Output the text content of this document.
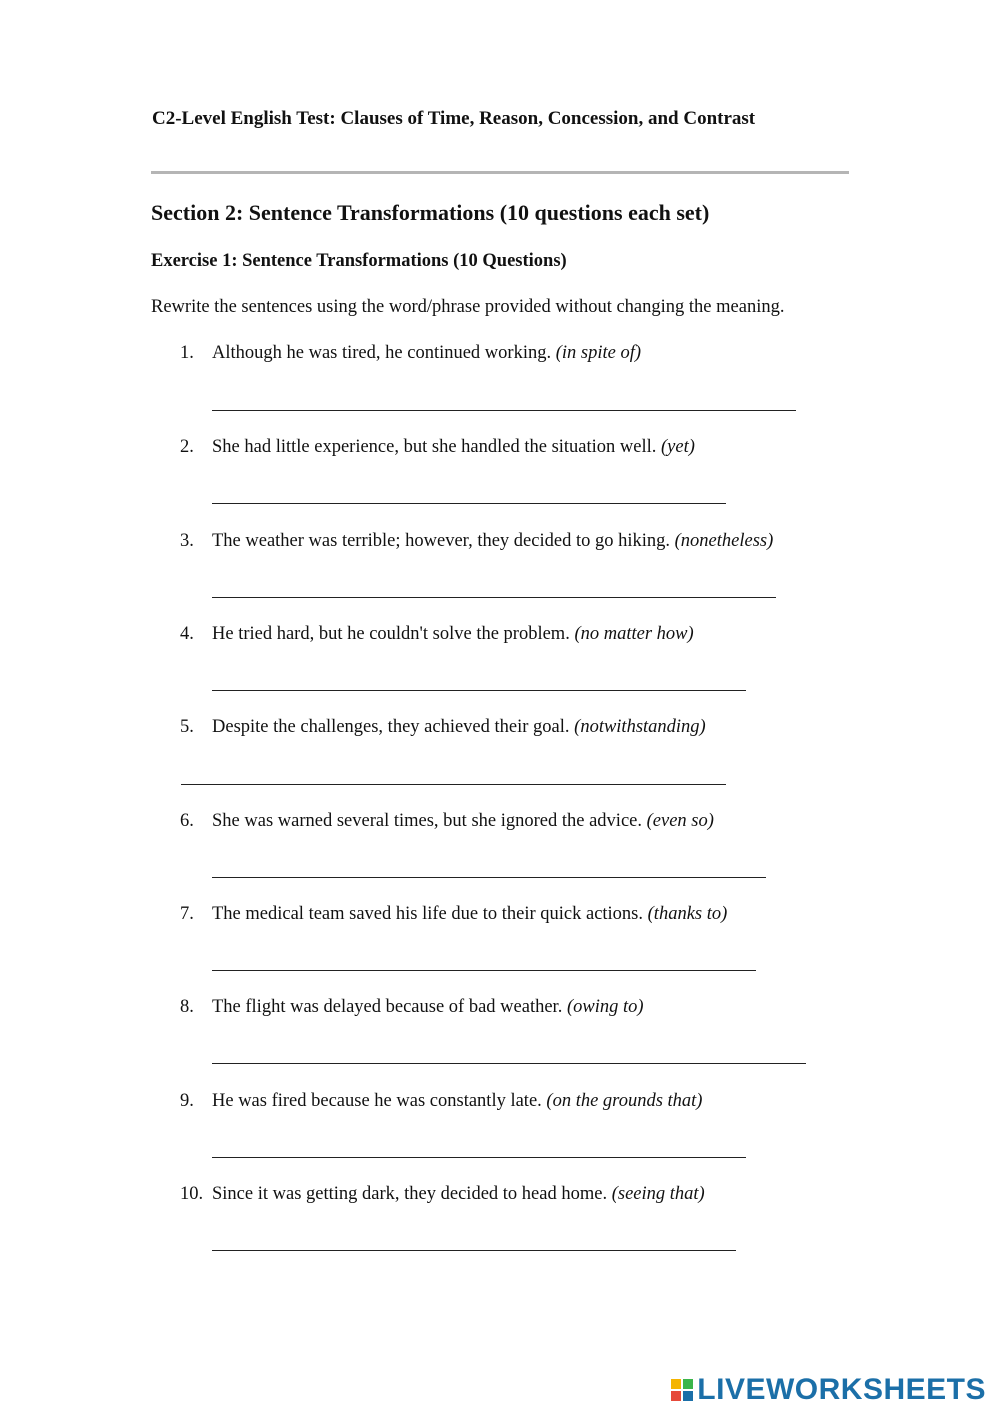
C2-Level English Test: Clauses of Time, Reason, Concession, and Contrast
Section 2: Sentence Transformations (10 questions each set)
Exercise 1: Sentence Transformations (10 Questions)

Rewrite the sentences using the word/phrase provided without changing the meaning.

1. Although he was tired, he continued working. (in spite of)
2. She had little experience, but she handled the situation well. (yet)
3. The weather was terrible; however, they decided to go hiking. (nonetheless)
4. He tried hard, but he couldn't solve the problem. (no matter how)
5. Despite the challenges, they achieved their goal. (notwithstanding)
6. She was warned several times, but she ignored the advice. (even so)
7. The medical team saved his life due to their quick actions. (thanks to)
8. The flight was delayed because of bad weather. (owing to)
9. He was fired because he was constantly late. (on the grounds that)
10. Since it was getting dark, they decided to head home. (seeing that)
LIVEWORKSHEETS
